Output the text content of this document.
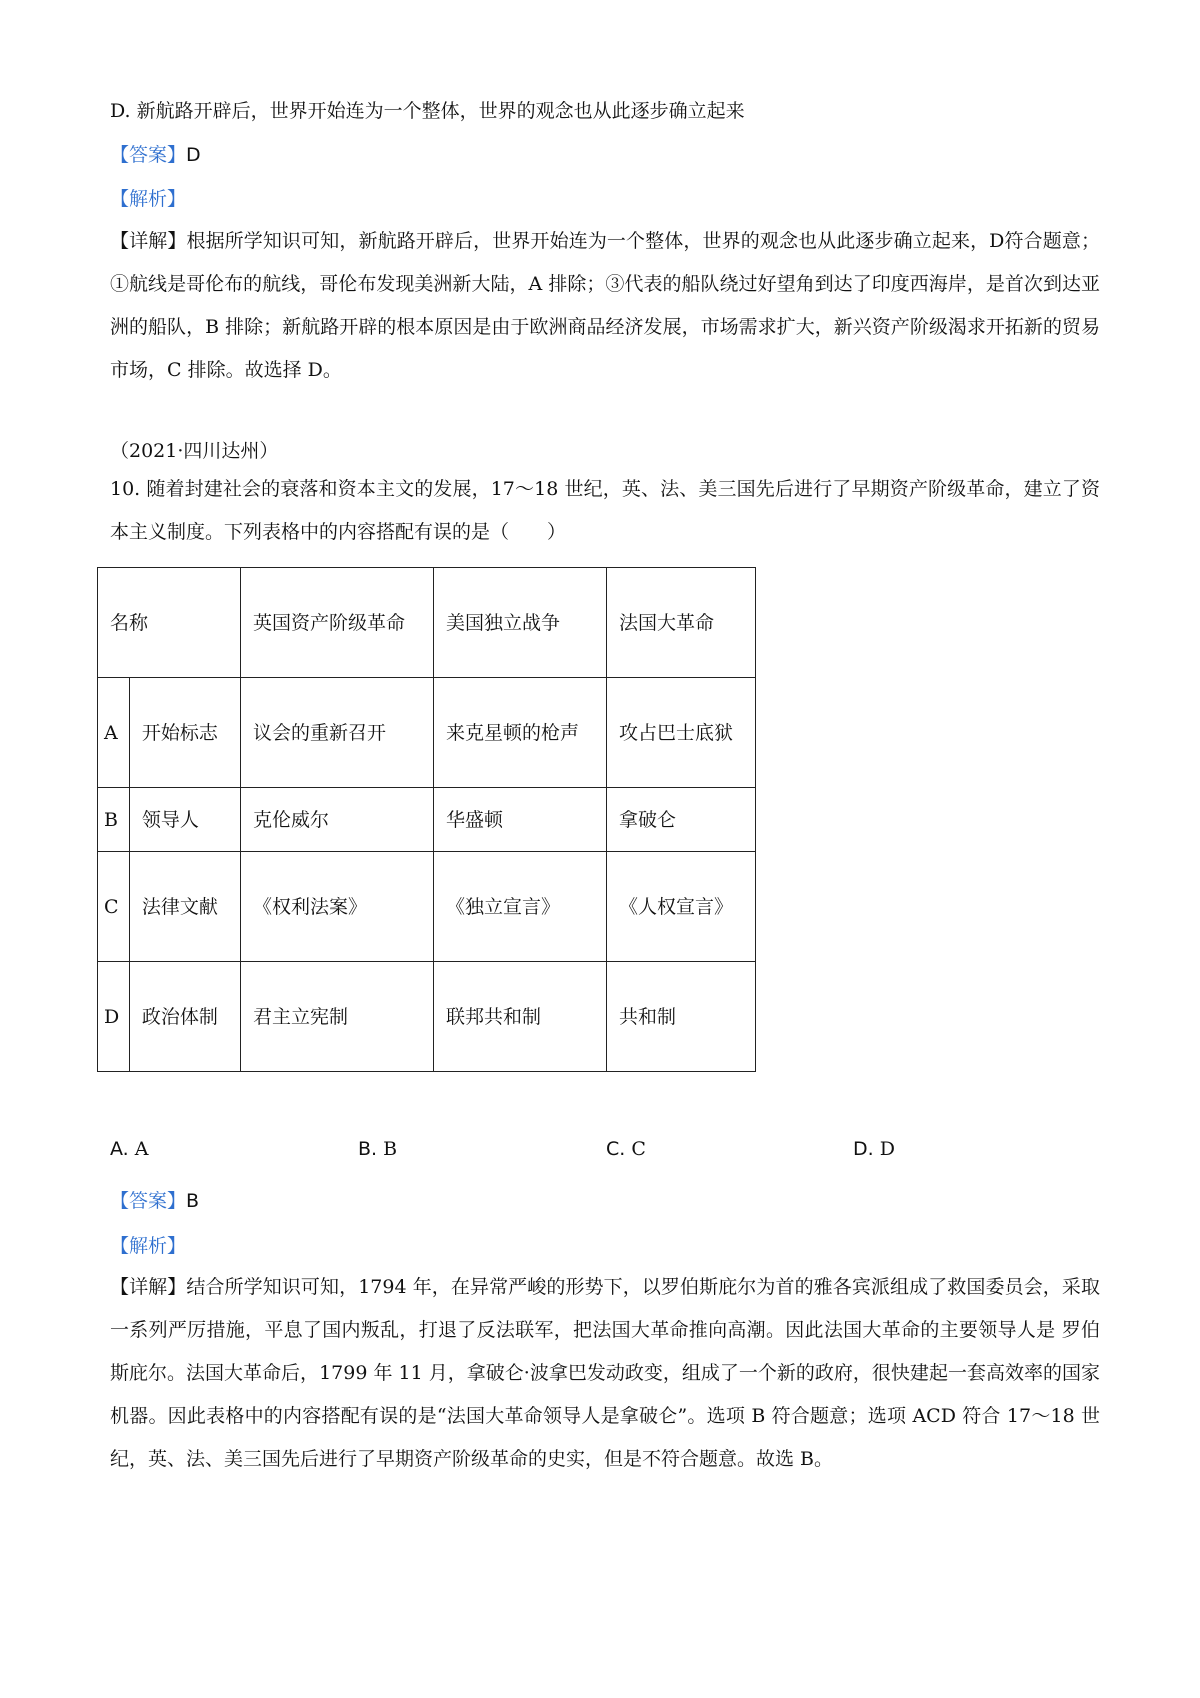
D. 新航路开辟后，世界开始连为一个整体，世界的观念也从此逐步确立起来
【答案】D
【解析】
【详解】根据所学知识可知，新航路开辟后，世界开始连为一个整体，世界的观念也从此逐步确立起来，D符合题意；①航线是哥伦布的航线，哥伦布发现美洲新大陆，A 排除；③代表的船队绕过好望角到达了印度西海岸，是首次到达亚洲的船队，B 排除；新航路开辟的根本原因是由于欧洲商品经济发展，市场需求扩大，新兴资产阶级渴求开拓新的贸易市场，C 排除。故选择 D。
（2021·四川达州）
10. 随着封建社会的衰落和资本主文的发展，17～18 世纪，英、法、美三国先后进行了早期资产阶级革命，建立了资本主义制度。下列表格中的内容搭配有误的是（　　）
名称		英国资产阶级革命	美国独立战争	法国大革命
A	开始标志	议会的重新召开	来克星顿的枪声	攻占巴士底狱
B	领导人	克伦威尔	华盛顿	拿破仑
C	法律文献	《权利法案》	《独立宣言》	《人权宣言》
D	政治体制	君主立宪制	联邦共和制	共和制
A. A	B. B	C. C	D. D
【答案】B
【解析】
【详解】结合所学知识可知，1794 年，在异常严峻的形势下，以罗伯斯庇尔为首的雅各宾派组成了救国委员会，采取一系列严厉措施，平息了国内叛乱，打退了反法联军，把法国大革命推向高潮。因此法国大革命的主要领导人是 罗伯斯庇尔。法国大革命后，1799 年 11 月，拿破仑·波拿巴发动政变，组成了一个新的政府，很快建起一套高效率的国家机器。因此表格中的内容搭配有误的是“法国大革命领导人是拿破仑”。选项 B 符合题意；选项 ACD 符合 17～18 世纪，英、法、美三国先后进行了早期资产阶级革命的史实，但是不符合题意。故选 B。
